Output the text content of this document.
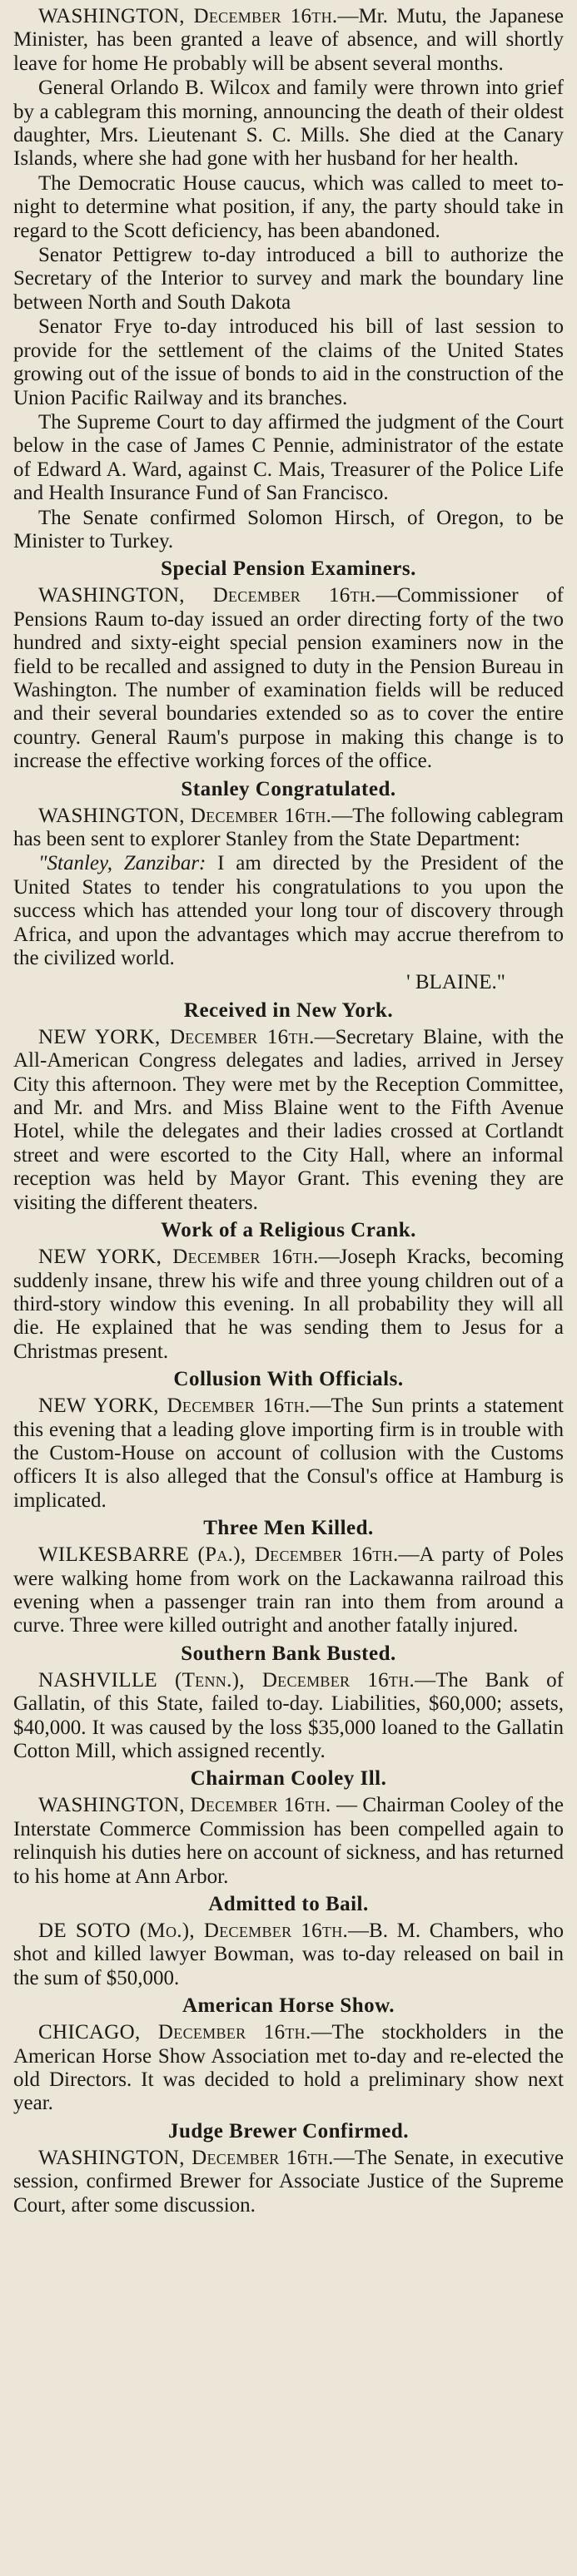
WASHINGTON, December 16th.—Mr. Mutu, the Japanese Minister, has been granted a leave of absence, and will shortly leave for home He probably will be absent several months.

General Orlando B. Wilcox and family were thrown into grief by a cablegram this morning, announcing the death of their oldest daughter, Mrs. Lieutenant S. C. Mills. She died at the Canary Islands, where she had gone with her husband for her health.

The Democratic House caucus, which was called to meet to-night to determine what position, if any, the party should take in regard to the Scott deficiency, has been abandoned.

Senator Pettigrew to-day introduced a bill to authorize the Secretary of the Interior to survey and mark the boundary line between North and South Dakota

Senator Frye to-day introduced his bill of last session to provide for the settlement of the claims of the United States growing out of the issue of bonds to aid in the construction of the Union Pacific Railway and its branches.

The Supreme Court to day affirmed the judgment of the Court below in the case of James C Pennie, administrator of the estate of Edward A. Ward, against C. Mais, Treasurer of the Police Life and Health Insurance Fund of San Francisco.

The Senate confirmed Solomon Hirsch, of Oregon, to be Minister to Turkey.

Special Pension Examiners.

WASHINGTON, December 16th.—Commissioner of Pensions Raum to-day issued an order directing forty of the two hundred and sixty-eight special pension examiners now in the field to be recalled and assigned to duty in the Pension Bureau in Washington. The number of examination fields will be reduced and their several boundaries extended so as to cover the entire country. General Raum's purpose in making this change is to increase the effective working forces of the office.

Stanley Congratulated.

WASHINGTON, December 16th.—The following cablegram has been sent to explorer Stanley from the State Department:

"Stanley, Zanzibar: I am directed by the President of the United States to tender his congratulations to you upon the success which has attended your long tour of discovery through Africa, and upon the advantages which may accrue therefrom to the civilized world.

' BLAINE."

Received in New York.

NEW YORK, December 16th.—Secretary Blaine, with the All-American Congress delegates and ladies, arrived in Jersey City this afternoon. They were met by the Reception Committee, and Mr. and Mrs. and Miss Blaine went to the Fifth Avenue Hotel, while the delegates and their ladies crossed at Cortlandt street and were escorted to the City Hall, where an informal reception was held by Mayor Grant. This evening they are visiting the different theaters.

Work of a Religious Crank.

NEW YORK, December 16th.—Joseph Kracks, becoming suddenly insane, threw his wife and three young children out of a third-story window this evening. In all probability they will all die. He explained that he was sending them to Jesus for a Christmas present.

Collusion With Officials.

NEW YORK, December 16th.—The Sun prints a statement this evening that a leading glove importing firm is in trouble with the Custom-House on account of collusion with the Customs officers It is also alleged that the Consul's office at Hamburg is implicated.

Three Men Killed.

WILKESBARRE (Pa.), December 16th.—A party of Poles were walking home from work on the Lackawanna railroad this evening when a passenger train ran into them from around a curve. Three were killed outright and another fatally injured.

Southern Bank Busted.

NASHVILLE (Tenn.), December 16th.—The Bank of Gallatin, of this State, failed to-day. Liabilities, $60,000; assets, $40,000. It was caused by the loss $35,000 loaned to the Gallatin Cotton Mill, which assigned recently.

Chairman Cooley Ill.

WASHINGTON, December 16th. — Chairman Cooley of the Interstate Commerce Commission has been compelled again to relinquish his duties here on account of sickness, and has returned to his home at Ann Arbor.

Admitted to Bail.

DE SOTO (Mo.), December 16th.—B. M. Chambers, who shot and killed lawyer Bowman, was to-day released on bail in the sum of $50,000.

American Horse Show.

CHICAGO, December 16th.—The stockholders in the American Horse Show Association met to-day and re-elected the old Directors. It was decided to hold a preliminary show next year.

Judge Brewer Confirmed.

WASHINGTON, December 16th.—The Senate, in executive session, confirmed Brewer for Associate Justice of the Supreme Court, after some discussion.
